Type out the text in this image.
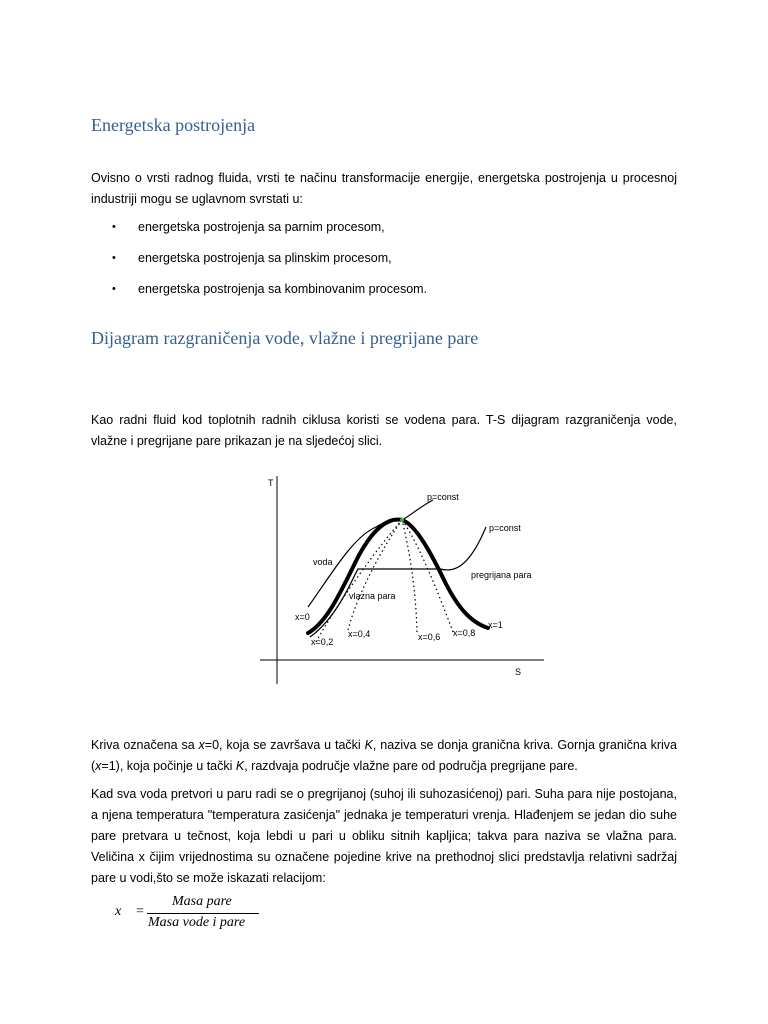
Energetska postrojenja

Ovisno o vrsti radnog fluida, vrsti te načinu transformacije energije, energetska postrojenja u procesnoj industriji mogu se uglavnom svrstati u:

• energetska postrojenja sa parnim procesom,
• energetska postrojenja sa plinskim procesom,
• energetska postrojenja sa kombinovanim procesom.
Dijagram razgraničenja vode, vlažne i pregrijane pare

Kao radni fluid kod toplotnih radnih ciklusa koristi se vodena para. T-S dijagram razgraničenja vode, vlažne i pregrijane pare prikazan je na sljedećoj slici.

T
S
p=const
p=const
voda
pregrijana para
vlazna para
x=0
x=0,2
x=0,4	x=0,6 x=0,8
x=1

Kriva označena sa x=0, koja se završava u tački K, naziva se donja granična kriva. Gornja granična kriva (x=1), koja počinje u tački K, razdvaja područje vlažne pare od područja pregrijane pare.

Kad sva voda pretvori u paru radi se o pregrijanoj (suhoj ili suhozasićenoj) pari. Suha para nije postojana, a njena temperatura "temperatura zasićenja" jednaka je temperaturi vrenja. Hlađenjem se jedan dio suhe pare pretvara u tečnost, koja lebdi u pari u obliku sitnih kapljica; takva para naziva se vlažna para. Veličina x čijim vrijednostima su označene pojedine krive na prethodnoj slici predstavlja relativni sadržaj pare u vodi,što se može iskazati relacijom:

x =
Masa pare
Masa vode i pare
